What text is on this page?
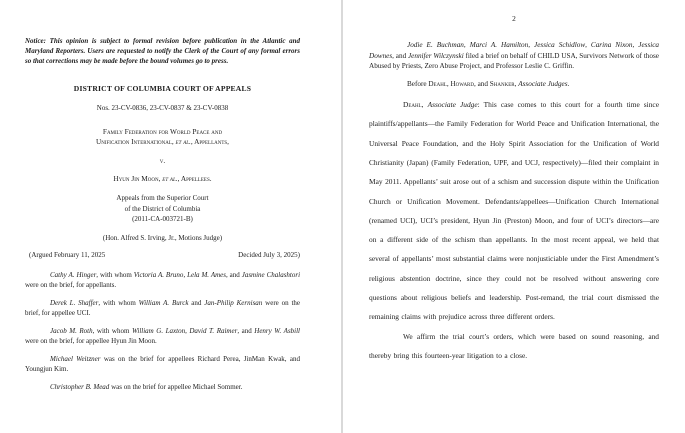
Notice: This opinion is subject to formal revision before publication in the Atlantic and Maryland Reporters. Users are requested to notify the Clerk of the Court of any formal errors so that corrections may be made before the bound volumes go to press.

DISTRICT OF COLUMBIA COURT OF APPEALS

Nos. 23-CV-0836, 23-CV-0837 & 23-CV-0838

Family Federation for World Peace and

Unification International, et al., Appellants,

v.

Hyun Jin Moon, et al., Appellees.

Appeals from the Superior Court

of the District of Columbia

(2011-CA-003721-B)

(Hon. Alfred S. Irving, Jr., Motions Judge)

(Argued February 11, 2025	Decided July 3, 2025)

Cathy A. Hinger, with whom Victoria A. Bruno, Lela M. Ames, and Jasmine Chalashtori were on the brief, for appellants.

Derek L. Shaffer, with whom William A. Burck and Jan-Philip Kernisan were on the brief, for appellee UCI.

Jacob M. Roth, with whom William G. Laxton, David T. Raimer, and Henry W. Asbill were on the brief, for appellee Hyun Jin Moon.

Michael Weitzner was on the brief for appellees Richard Perea, JinMan Kwak, and Youngjun Kim.

Christopher B. Mead was on the brief for appellee Michael Sommer.

2

Jodie E. Buchman, Marci A. Hamilton, Jessica Schidlow, Carina Nixon, Jessica Downes, and Jennifer Wilczynski filed a brief on behalf of CHILD USA, Survivors Network of those Abused by Priests, Zero Abuse Project, and Professor Leslie C. Griffin.

Before Deahl, Howard, and Shanker, Associate Judges.

Deahl, Associate Judge: This case comes to this court for a fourth time since plaintiffs/appellants—the Family Federation for World Peace and Unification International, the Universal Peace Foundation, and the Holy Spirit Association for the Unification of World Christianity (Japan) (Family Federation, UPF, and UCJ, respectively)—filed their complaint in May 2011. Appellants’ suit arose out of a schism and succession dispute within the Unification Church or Unification Movement. Defendants/appellees—Unification Church International (renamed UCI), UCI’s president, Hyun Jin (Preston) Moon, and four of UCI’s directors—are on a different side of the schism than appellants. In the most recent appeal, we held that several of appellants’ most substantial claims were nonjusticiable under the First Amendment’s religious abstention doctrine, since they could not be resolved without answering core questions about religious beliefs and leadership. Post-remand, the trial court dismissed the remaining claims with prejudice across three different orders.

We affirm the trial court’s orders, which were based on sound reasoning, and thereby bring this fourteen-year litigation to a close.
